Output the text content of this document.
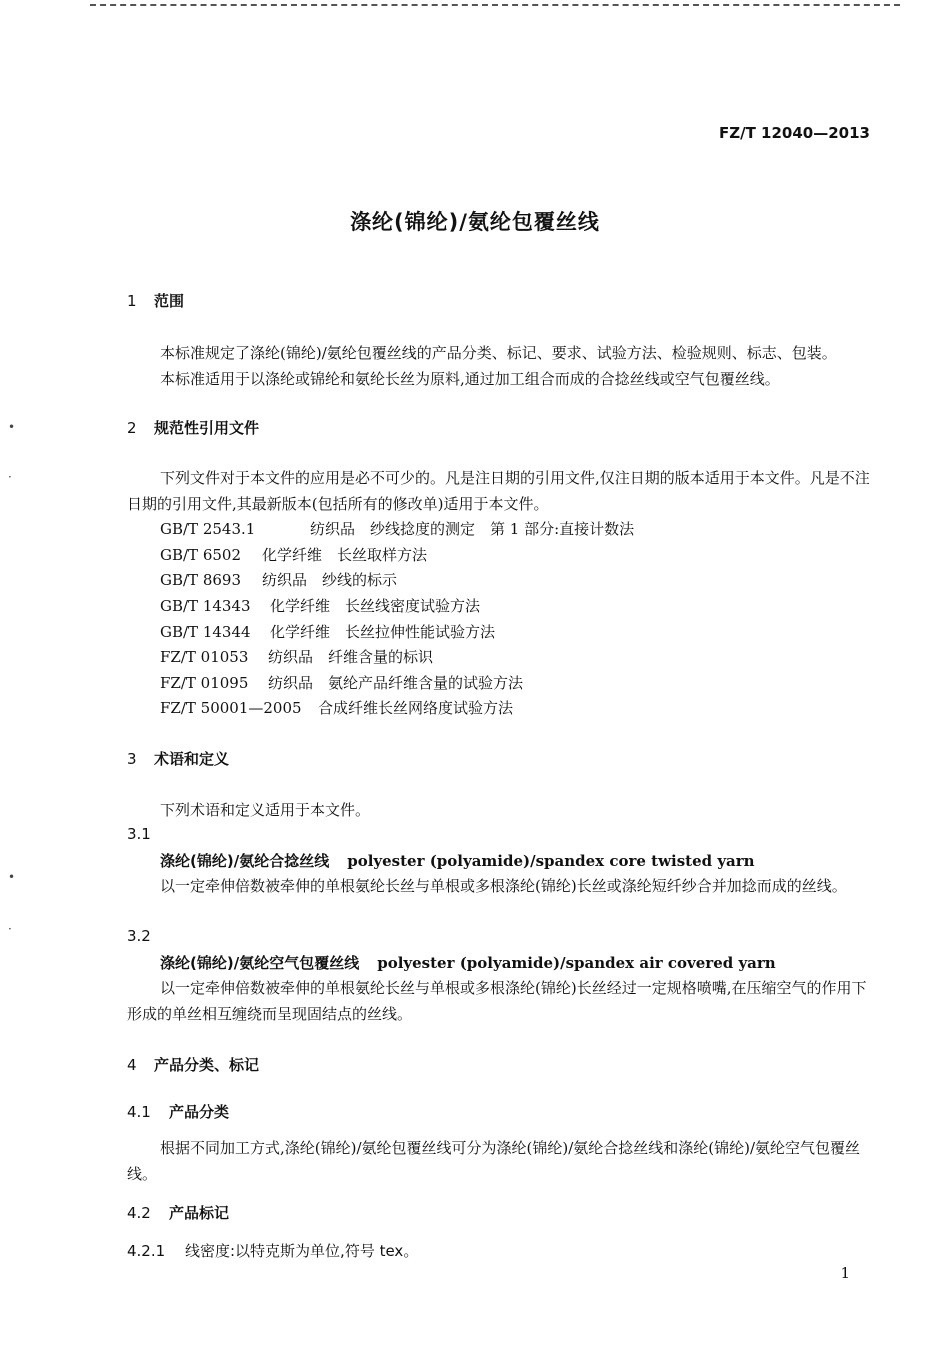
•
·
•
·
FZ/T 12040—2013
涤纶(锦纶)/氨纶包覆丝线
1 范围
本标准规定了涤纶(锦纶)/氨纶包覆丝线的产品分类、标记、要求、试验方法、检验规则、标志、包装。
本标准适用于以涤纶或锦纶和氨纶长丝为原料,通过加工组合而成的合捻丝线或空气包覆丝线。
2 规范性引用文件
下列文件对于本文件的应用是必不可少的。凡是注日期的引用文件,仅注日期的版本适用于本文件。凡是不注日期的引用文件,其最新版本(包括所有的修改单)适用于本文件。
GB/T 2543.1	纺织品　纱线捻度的测定　第 1 部分:直接计数法
GB/T 6502 化学纤维　长丝取样方法
GB/T 8693 纺织品　纱线的标示
GB/T 14343 化学纤维　长丝线密度试验方法
GB/T 14344 化学纤维　长丝拉伸性能试验方法
FZ/T 01053 纺织品　纤维含量的标识
FZ/T 01095 纺织品　氨纶产品纤维含量的试验方法
FZ/T 50001—2005 合成纤维长丝网络度试验方法
3 术语和定义
下列术语和定义适用于本文件。
3.1
涤纶(锦纶)/氨纶合捻丝线 polyester (polyamide)/spandex core twisted yarn
以一定牵伸倍数被牵伸的单根氨纶长丝与单根或多根涤纶(锦纶)长丝或涤纶短纤纱合并加捻而成的丝线。
3.2
涤纶(锦纶)/氨纶空气包覆丝线 polyester (polyamide)/spandex air covered yarn
以一定牵伸倍数被牵伸的单根氨纶长丝与单根或多根涤纶(锦纶)长丝经过一定规格喷嘴,在压缩空气的作用下形成的单丝相互缠绕而呈现固结点的丝线。
4 产品分类、标记
4.1 产品分类
根据不同加工方式,涤纶(锦纶)/氨纶包覆丝线可分为涤纶(锦纶)/氨纶合捻丝线和涤纶(锦纶)/氨纶空气包覆丝线。
4.2 产品标记
4.2.1 线密度:以特克斯为单位,符号 tex。
1
